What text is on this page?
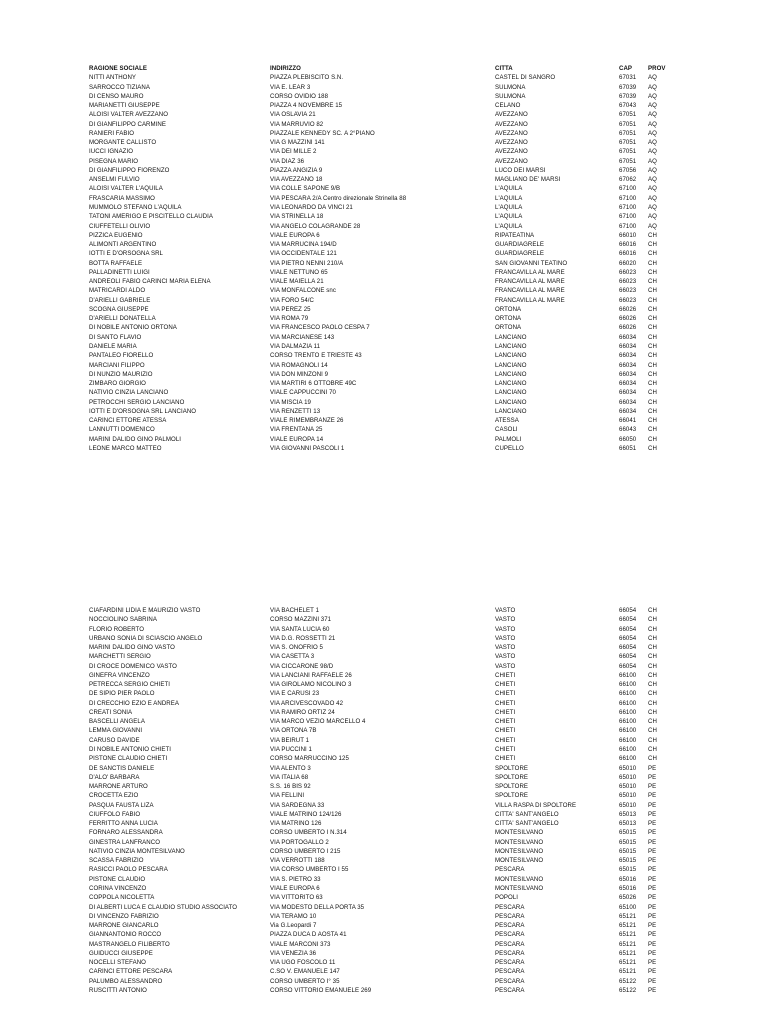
RAGIONE SOCIALE	INDIRIZZO	CITTA	CAP	PROV
NITTI ANTHONY	PIAZZA PLEBISCITO S.N.	CASTEL DI SANGRO	67031 AQ
SARROCCO TIZIANA	VIA E. LEAR 3	SULMONA	67039 AQ
DI CENSO MAURO	CORSO OVIDIO 188	SULMONA	67039 AQ
MARIANETTI GIUSEPPE	PIAZZA 4 NOVEMBRE 15	CELANO	67043 AQ
ALOISI VALTER AVEZZANO	VIA OSLAVIA 21	AVEZZANO	67051 AQ
DI GIANFILIPPO CARMINE	VIA MARRUVIO 82	AVEZZANO	67051 AQ
RANIERI FABIO	PIAZZALE KENNEDY SC. A 2°PIANO	AVEZZANO	67051 AQ
MORGANTE CALLISTO	VIA G MAZZINI 141	AVEZZANO	67051 AQ
IUCCI IGNAZIO	VIA DEI MILLE 2	AVEZZANO	67051 AQ
PISEGNA MARIO	VIA DIAZ 36	AVEZZANO	67051 AQ
DI GIANFILIPPO FIORENZO	PIAZZA ANGIZIA 9	LUCO DEI MARSI	67056 AQ
ANSELMI FULVIO	VIA AVEZZANO 18	MAGLIANO DE' MARSI	67062 AQ
ALOISI VALTER L'AQUILA	VIA COLLE SAPONE 9/B	L'AQUILA	67100 AQ
FRASCARIA MASSIMO	VIA PESCARA 2/A Centro direzionale Strinella 88	L'AQUILA	67100 AQ
MUMMOLO STEFANO L'AQUILA	VIA LEONARDO DA VINCI 21	L'AQUILA	67100 AQ
TATONI AMERIGO E PISCITELLO CLAUDIA	VIA STRINELLA 18	L'AQUILA	67100 AQ
CIUFFETELLI OLIVIO	VIA ANGELO COLAGRANDE 28	L'AQUILA	67100 AQ
PIZZICA EUGENIO	VIALE EUROPA 6	RIPATEATINA	66010 CH
ALIMONTI ARGENTINO	VIA MARRUCINA 194/D	GUARDIAGRELE	66016 CH
IOTTI E D'ORSOGNA SRL	VIA OCCIDENTALE 121	GUARDIAGRELE	66016 CH
BOTTA RAFFAELE	VIA PIETRO NENNI 210/A	SAN GIOVANNI TEATINO	66020 CH
PALLADINETTI LUIGI	VIALE NETTUNO 65	FRANCAVILLA AL MARE	66023 CH
ANDREOLI FABIO CARINCI MARIA ELENA	VIALE MAIELLA 21	FRANCAVILLA AL MARE	66023 CH
MATRICARDI ALDO	VIA MONFALCONE snc	FRANCAVILLA AL MARE	66023 CH
D'ARIELLI GABRIELE	VIA FORO 54/C	FRANCAVILLA AL MARE	66023 CH
SCOGNA GIUSEPPE	VIA PEREZ 25	ORTONA	66026 CH
D'ARIELLI DONATELLA	VIA ROMA 79	ORTONA	66026 CH
DI NOBILE ANTONIO ORTONA	VIA FRANCESCO PAOLO CESPA 7	ORTONA	66026 CH
DI SANTO FLAVIO	VIA MARCIANESE 143	LANCIANO	66034 CH
DANIELE MARIA	VIA DALMAZIA 11	LANCIANO	66034 CH
PANTALEO FIORELLO	CORSO TRENTO E TRIESTE 43	LANCIANO	66034 CH
MARCIANI FILIPPO	VIA ROMAGNOLI 14	LANCIANO	66034 CH
DI NUNZIO MAURIZIO	VIA DON MINZONI 9	LANCIANO	66034 CH
ZIMBARO GIORGIO	VIA MARTIRI 6 OTTOBRE 49C	LANCIANO	66034 CH
NATIVIO CINZIA LANCIANO	VIALE CAPPUCCINI 70	LANCIANO	66034 CH
PETROCCHI SERGIO LANCIANO	VIA MISCIA 19	LANCIANO	66034 CH
IOTTI E D'ORSOGNA SRL LANCIANO	VIA RENZETTI 13	LANCIANO	66034 CH
CARINCI ETTORE ATESSA	VIALE RIMEMBRANZE 26	ATESSA	66041 CH
LANNUTTI DOMENICO	VIA FRENTANA 25	CASOLI	66043 CH
MARINI DALIDO GINO PALMOLI	VIALE EUROPA 14	PALMOLI	66050 CH
LEONE MARCO MATTEO	VIA GIOVANNI PASCOLI 1	CUPELLO	66051 CH
CIAFARDINI LIDIA E MAURIZIO VASTO	VIA BACHELET 1	VASTO	66054 CH
NOCCIOLINO SABRINA	CORSO MAZZINI 371	VASTO	66054 CH
FLORIO ROBERTO	VIA SANTA LUCIA 60	VASTO	66054 CH
URBANO SONIA DI SCIASCIO ANGELO	VIA D.G. ROSSETTI 21	VASTO	66054 CH
MARINI DALIDO GINO VASTO	VIA S. ONOFRIO 5	VASTO	66054 CH
MARCHETTI SERGIO	VIA CASETTA 3	VASTO	66054 CH
DI CROCE DOMENICO VASTO	VIA CICCARONE 98/D	VASTO	66054 CH
GINEFRA VINCENZO	VIA LANCIANI RAFFAELE 26	CHIETI	66100 CH
PETRECCA SERGIO CHIETI	VIA GIROLAMO NICOLINO 3	CHIETI	66100 CH
DE SIPIO PIER PAOLO	VIA E CARUSI 23	CHIETI	66100 CH
DI CRECCHIO EZIO E ANDREA	VIA ARCIVESCOVADO 42	CHIETI	66100 CH
CREATI SONIA	VIA RAMIRO ORTIZ 24	CHIETI	66100 CH
BASCELLI ANGELA	VIA MARCO VEZIO MARCELLO 4	CHIETI	66100 CH
LEMMA GIOVANNI	VIA ORTONA 7B	CHIETI	66100 CH
CARUSO DAVIDE	VIA BEIRUT 1	CHIETI	66100 CH
DI NOBILE ANTONIO CHIETI	VIA PUCCINI 1	CHIETI	66100 CH
PISTONE CLAUDIO CHIETI	CORSO MARRUCCINO 125	CHIETI	66100 CH
DE SANCTIS DANIELE	VIA ALENTO 3	SPOLTORE	65010 PE
D'ALO' BARBARA	VIA ITALIA 68	SPOLTORE	65010 PE
MARRONE ARTURO	S.S. 16 BIS 92	SPOLTORE	65010 PE
CROCETTA EZIO	VIA FELLINI	SPOLTORE	65010 PE
PASQUA FAUSTA LIZA	VIA SARDEGNA 33	VILLA RASPA DI SPOLTORE	65010 PE
CIUFFOLO FABIO	VIALE MATRINO 124/126	CITTA' SANT'ANGELO	65013 PE
FERRITTO ANNA LUCIA	VIA MATRINO 126	CITTA' SANT'ANGELO	65013 PE
FORNARO ALESSANDRA	CORSO UMBERTO I N.314	MONTESILVANO	65015 PE
GINESTRA LANFRANCO	VIA PORTOGALLO 2	MONTESILVANO	65015 PE
NATIVIO CINZIA MONTESILVANO	CORSO UMBERTO I 215	MONTESILVANO	65015 PE
SCASSA FABRIZIO	VIA VERROTTI 188	MONTESILVANO	65015 PE
RASICCI PAOLO PESCARA	VIA CORSO UMBERTO I 55	PESCARA	65015 PE
PISTONE CLAUDIO	VIA S. PIETRO 33	MONTESILVANO	65016 PE
CORINA VINCENZO	VIALE EUROPA 6	MONTESILVANO	65016 PE
COPPOLA NICOLETTA	VIA VITTORITO 63	POPOLI	65026 PE
DI ALBERTI LUCA E CLAUDIO STUDIO ASSOCIATO	VIA MODESTO DELLA PORTA 35	PESCARA	65100 PE
DI VINCENZO FABRIZIO	VIA TERAMO 10	PESCARA	65121 PE
MARRONE GIANCARLO	Via G.Leopardi 7	PESCARA	65121 PE
GIANNANTONIO ROCCO	PIAZZA DUCA D AOSTA 41	PESCARA	65121 PE
MASTRANGELO FILIBERTO	VIALE MARCONI 373	PESCARA	65121 PE
GUIDUCCI GIUSEPPE	VIA VENEZIA 36	PESCARA	65121 PE
NOCELLI STEFANO	VIA UGO FOSCOLO 11	PESCARA	65121 PE
CARINCI ETTORE PESCARA	C.SO V. EMANUELE 147	PESCARA	65121 PE
PALUMBO ALESSANDRO	CORSO UMBERTO I° 35	PESCARA	65122 PE
RUSCITTI ANTONIO	CORSO VITTORIO EMANUELE 269	PESCARA	65122 PE
